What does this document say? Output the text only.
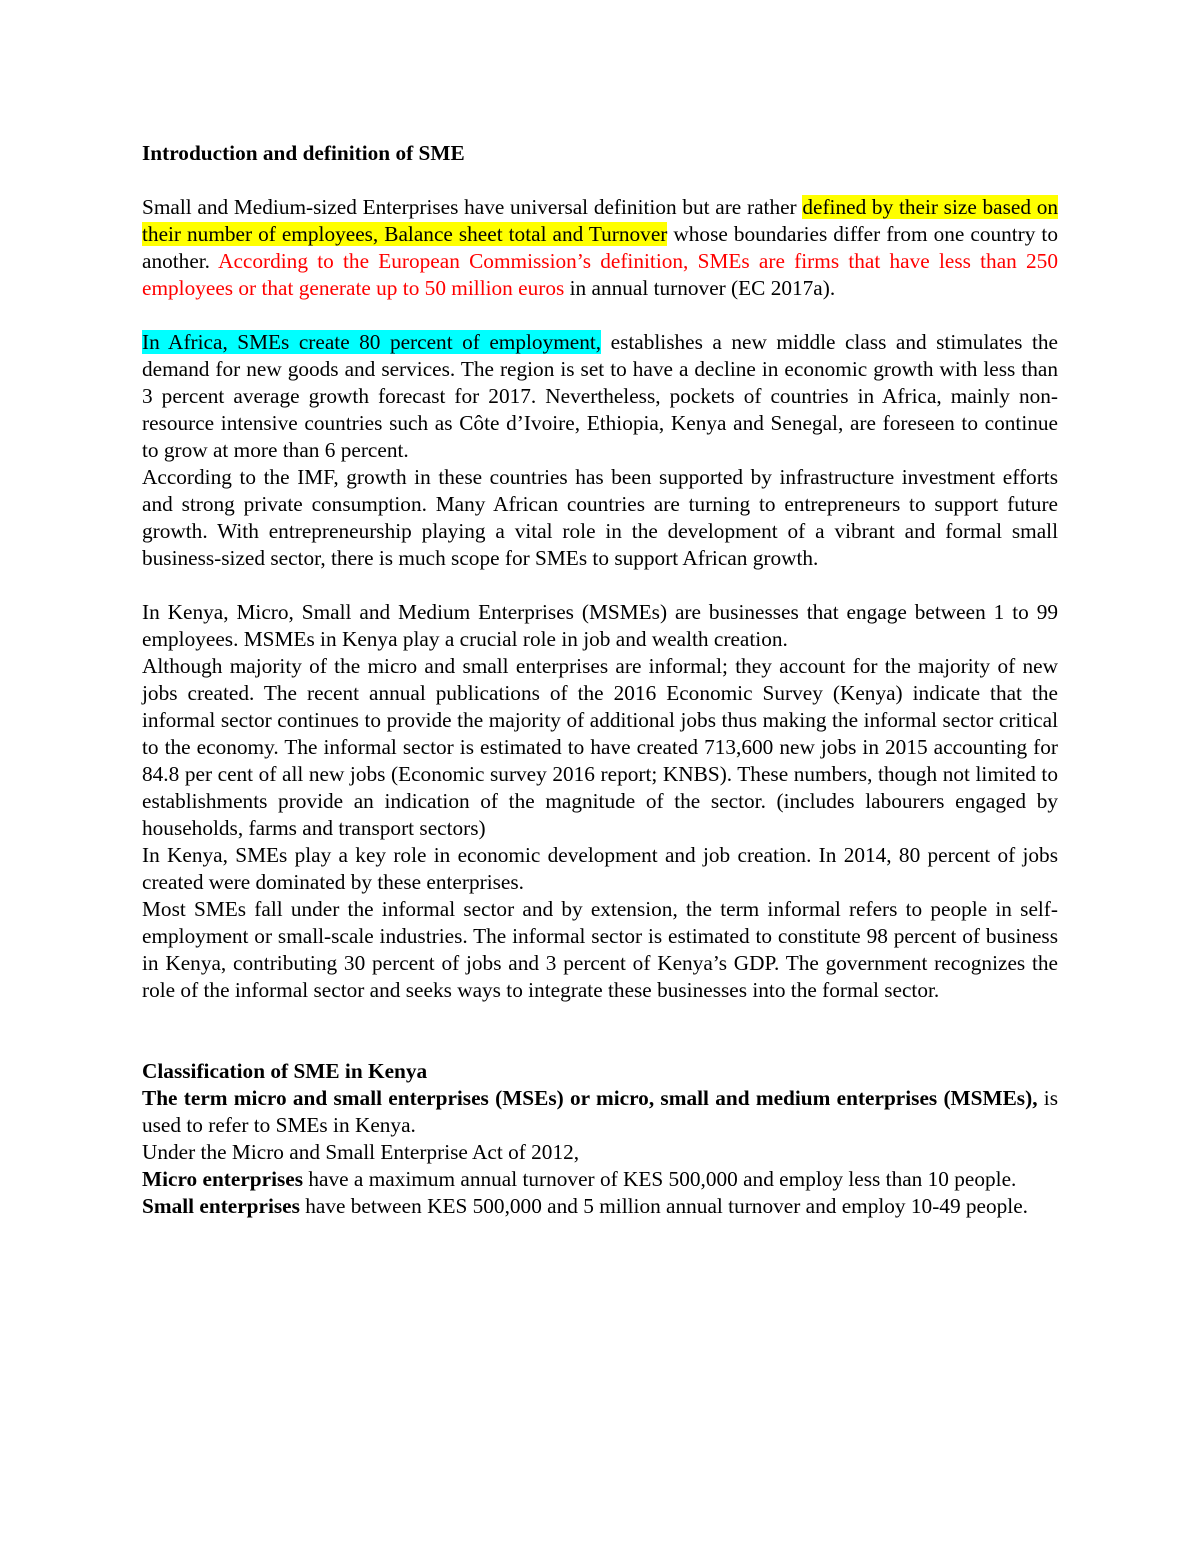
Introduction and definition of SME

Small and Medium-sized Enterprises have universal definition but are rather defined by their size based on their number of employees, Balance sheet total and Turnover whose boundaries differ from one country to another. According to the European Commission’s definition, SMEs are firms that have less than 250 employees or that generate up to 50 million euros in annual turnover (EC 2017a).

In Africa, SMEs create 80 percent of employment, establishes a new middle class and stimulates the demand for new goods and services. The region is set to have a decline in economic growth with less than 3 percent average growth forecast for 2017. Nevertheless, pockets of countries in Africa, mainly non-resource intensive countries such as Côte d’Ivoire, Ethiopia, Kenya and Senegal, are foreseen to continue to grow at more than 6 percent.

According to the IMF, growth in these countries has been supported by infrastructure investment efforts and strong private consumption. Many African countries are turning to entrepreneurs to support future growth. With entrepreneurship playing a vital role in the development of a vibrant and formal small business-sized sector, there is much scope for SMEs to support African growth.

In Kenya, Micro, Small and Medium Enterprises (MSMEs) are businesses that engage between 1 to 99 employees. MSMEs in Kenya play a crucial role in job and wealth creation.

Although majority of the micro and small enterprises are informal; they account for the majority of new jobs created. The recent annual publications of the 2016 Economic Survey (Kenya) indicate that the informal sector continues to provide the majority of additional jobs thus making the informal sector critical to the economy. The informal sector is estimated to have created 713,600 new jobs in 2015 accounting for 84.8 per cent of all new jobs (Economic survey 2016 report; KNBS). These numbers, though not limited to establishments provide an indication of the magnitude of the sector. (includes labourers engaged by households, farms and transport sectors)

In Kenya, SMEs play a key role in economic development and job creation. In 2014, 80 percent of jobs created were dominated by these enterprises.

Most SMEs fall under the informal sector and by extension, the term informal refers to people in self-employment or small-scale industries. The informal sector is estimated to constitute 98 percent of business in Kenya, contributing 30 percent of jobs and 3 percent of Kenya’s GDP. The government recognizes the role of the informal sector and seeks ways to integrate these businesses into the formal sector.

Classification of SME in Kenya

The term micro and small enterprises (MSEs) or micro, small and medium enterprises (MSMEs), is used to refer to SMEs in Kenya.

Under the Micro and Small Enterprise Act of 2012,

Micro enterprises have a maximum annual turnover of KES 500,000 and employ less than 10 people.

Small enterprises have between KES 500,000 and 5 million annual turnover and employ 10-49 people.
